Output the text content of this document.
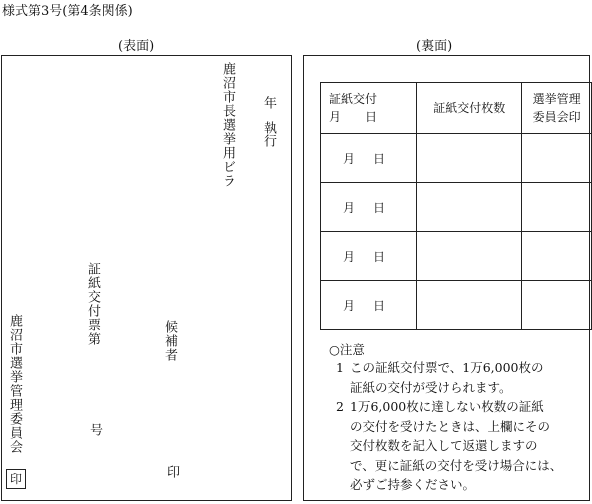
様式第3号(第4条関係)
(表面)	(裏面)
鹿沼市長選挙用ビラ 年執行
証紙交付票第
号
候補者
印
鹿沼市選挙管理委員会
印
証紙交付
月　　日	証紙交付枚数	選挙管理
委員会印
月 日		
月 日		
月 日		
月 日		
○注意
1 この証紙交付票で、1万6,000枚の
証紙の交付が受けられます。
2 1万6,000枚に達しない枚数の証紙
の交付を受けたときは、上欄にその
交付枚数を記入して返還しますの
で、更に証紙の交付を受け場合には、
必ずご持参ください。
